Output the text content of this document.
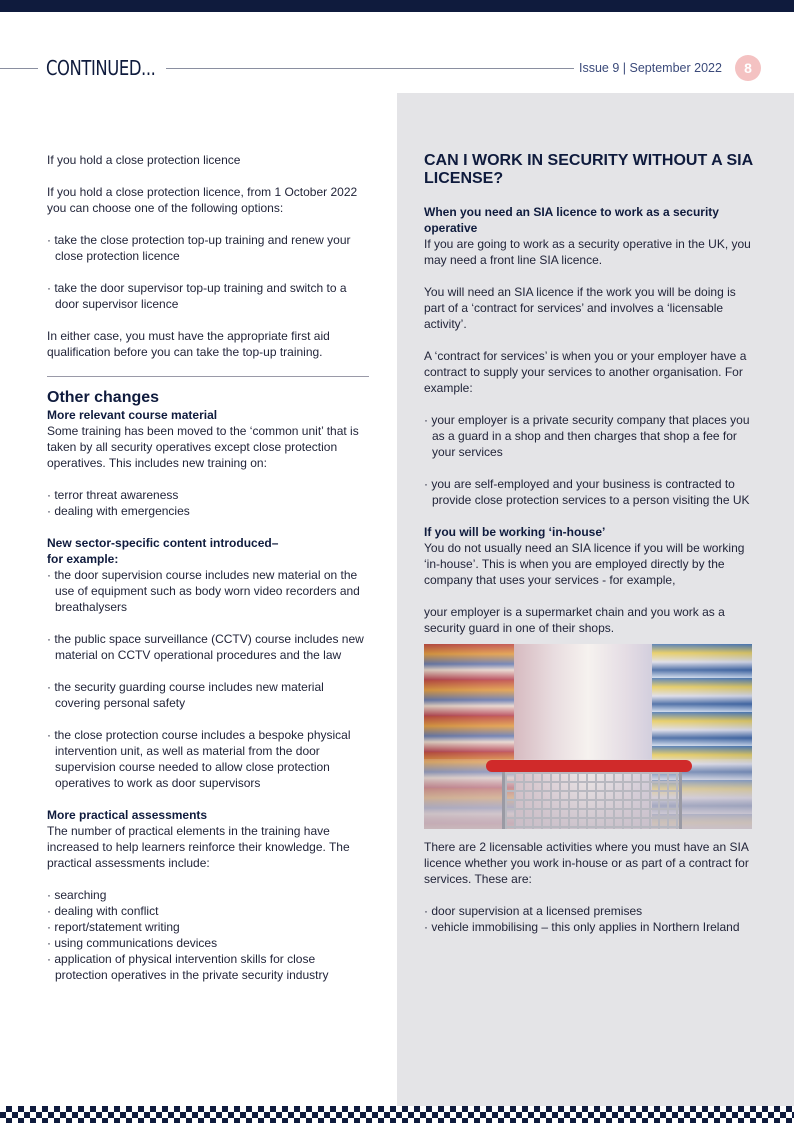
CONTINUED...	Issue 9 | September 2022	8

If you hold a close protection licence

If you hold a close protection licence, from 1 October 2022 you can choose one of the following options:

· take the close protection top-up training and renew your close protection licence

· take the door supervisor top-up training and switch to a door supervisor licence

In either case, you must have the appropriate first aid qualification before you can take the top-up training.

Other changes

More relevant course material

Some training has been moved to the ‘common unit’ that is taken by all security operatives except close protection operatives. This includes new training on:

· terror threat awareness

· dealing with emergencies

New sector-specific content introduced–

for example:

· the door supervision course includes new material on the use of equipment such as body worn video recorders and breathalysers

· the public space surveillance (CCTV) course includes new material on CCTV operational procedures and the law

· the security guarding course includes new material covering personal safety

· the close protection course includes a bespoke physical intervention unit, as well as material from the door supervision course needed to allow close protection operatives to work as door supervisors

More practical assessments

The number of practical elements in the training have increased to help learners reinforce their knowledge. The practical assessments include:

· searching

· dealing with conflict

· report/statement writing

· using communications devices

· application of physical intervention skills for close protection operatives in the private security industry

CAN I WORK IN SECURITY WITHOUT A SIA LICENSE?

When you need an SIA licence to work as a security operative

If you are going to work as a security operative in the UK, you may need a front line SIA licence.

You will need an SIA licence if the work you will be doing is part of a ‘contract for services’ and involves a ‘licensable activity’.

A ‘contract for services’ is when you or your employer have a contract to supply your services to another organisation. For example:

· your employer is a private security company that places you as a guard in a shop and then charges that shop a fee for your services

· you are self-employed and your business is contracted to provide close protection services to a person visiting the UK

If you will be working ‘in-house’

You do not usually need an SIA licence if you will be working ‘in-house’. This is when you are employed directly by the company that uses your services - for example,

your employer is a supermarket chain and you work as a security guard in one of their shops.

There are 2 licensable activities where you must have an SIA licence whether you work in-house or as part of a contract for services. These are:

· door supervision at a licensed premises

· vehicle immobilising – this only applies in Northern Ireland
